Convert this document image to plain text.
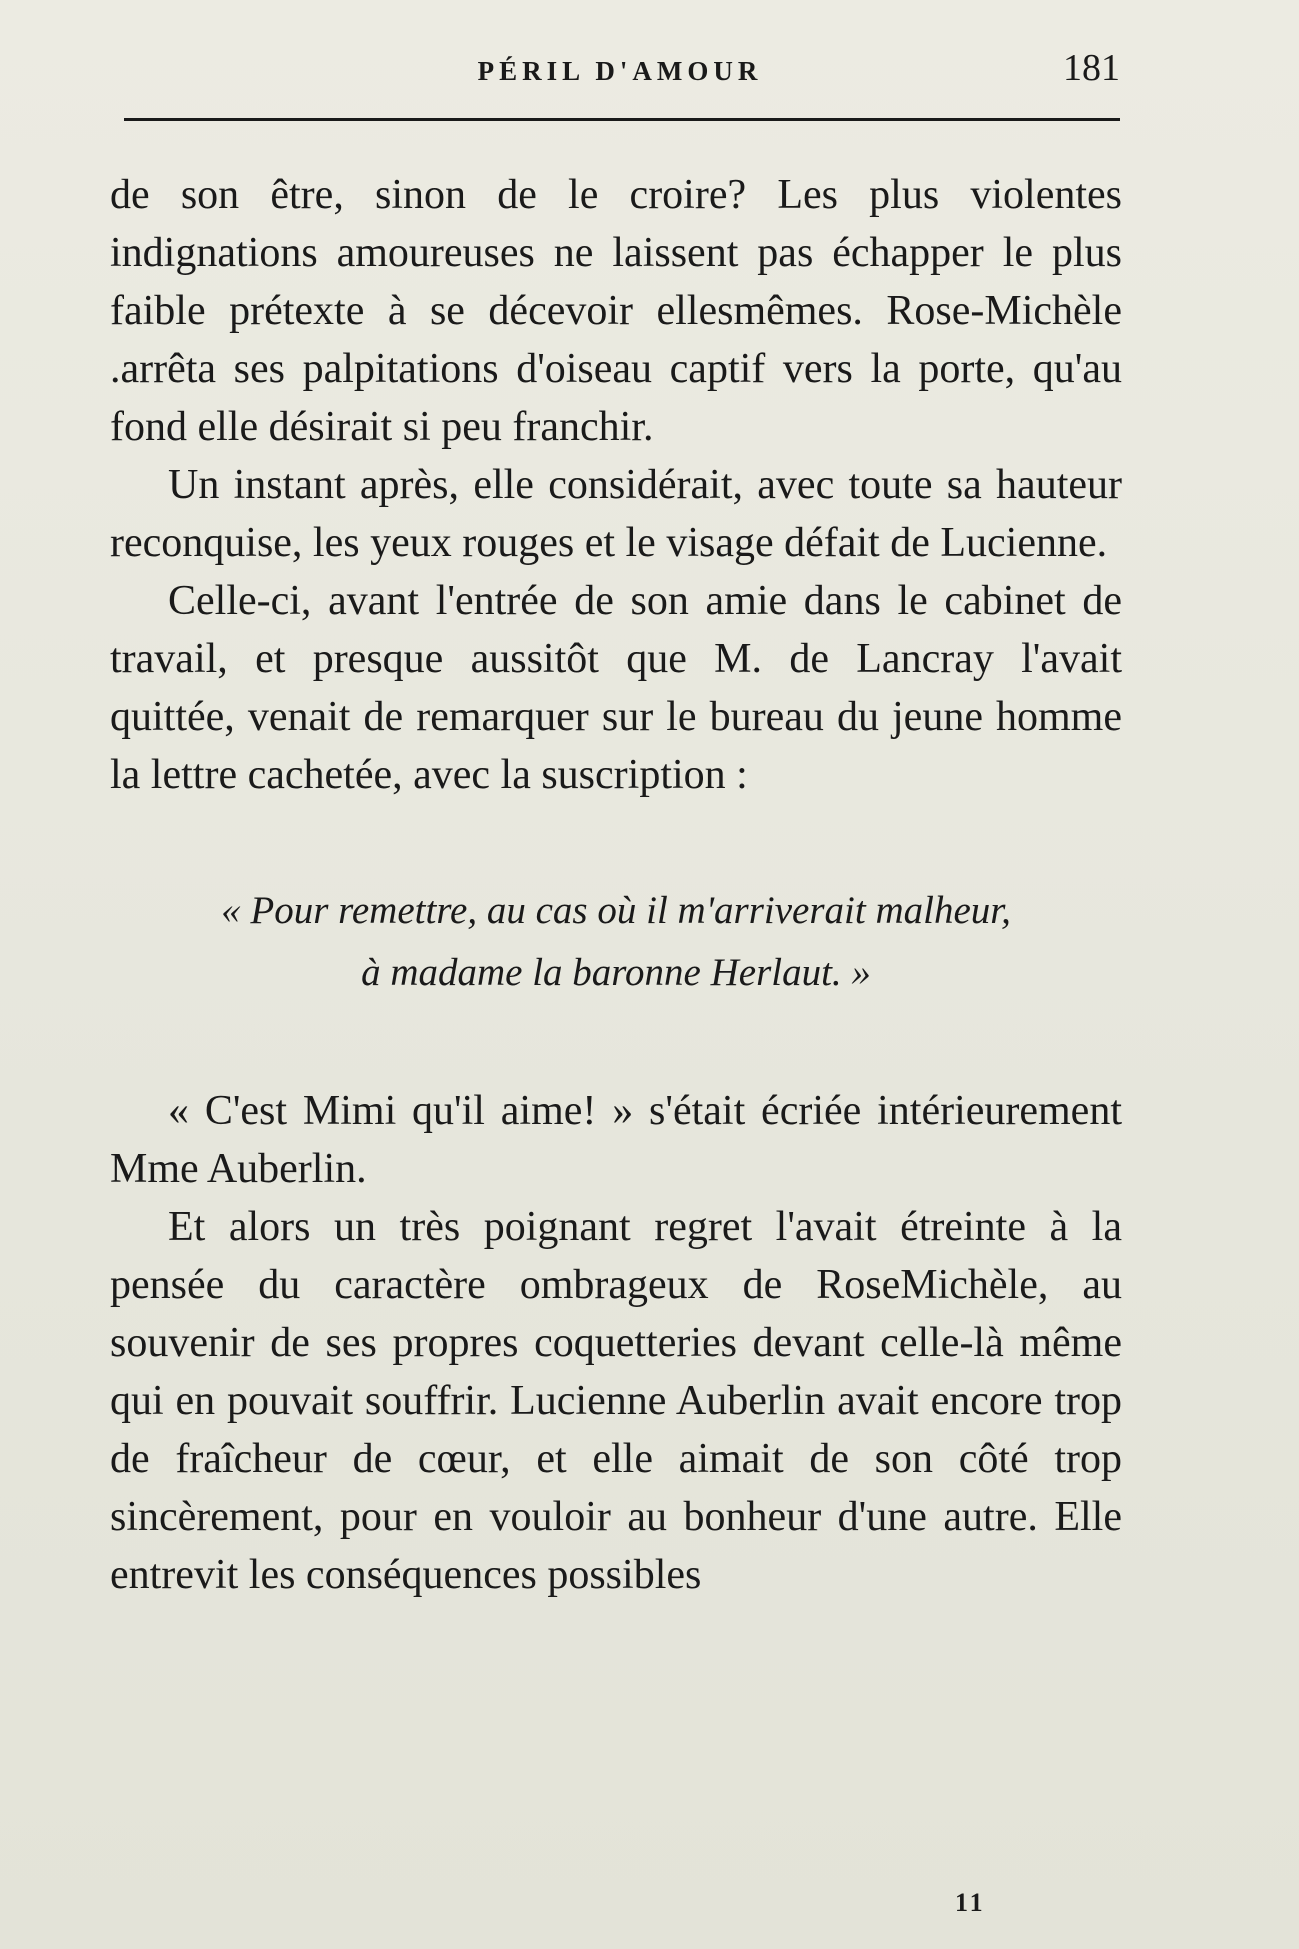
PÉRIL D'AMOUR	181

de son être, sinon de le croire? Les plus violentes indignations amoureuses ne laissent pas échapper le plus faible prétexte à se décevoir ellesmêmes. Rose-Michèle .arrêta ses palpitations d'oiseau captif vers la porte, qu'au fond elle désirait si peu franchir.

Un instant après, elle considérait, avec toute sa hauteur reconquise, les yeux rouges et le visage défait de Lucienne.

Celle-ci, avant l'entrée de son amie dans le cabinet de travail, et presque aussitôt que M. de Lancray l'avait quittée, venait de remarquer sur le bureau du jeune homme la lettre cachetée, avec la suscription :

« Pour remettre, au cas où il m'arriverait malheur,
à madame la baronne Herlaut. »

« C'est Mimi qu'il aime! » s'était écriée intérieurement Mme Auberlin.

Et alors un très poignant regret l'avait étreinte à la pensée du caractère ombrageux de RoseMichèle, au souvenir de ses propres coquetteries devant celle-là même qui en pouvait souffrir. Lucienne Auberlin avait encore trop de fraîcheur de cœur, et elle aimait de son côté trop sincèrement, pour en vouloir au bonheur d'une autre. Elle entrevit les conséquences possibles

11
